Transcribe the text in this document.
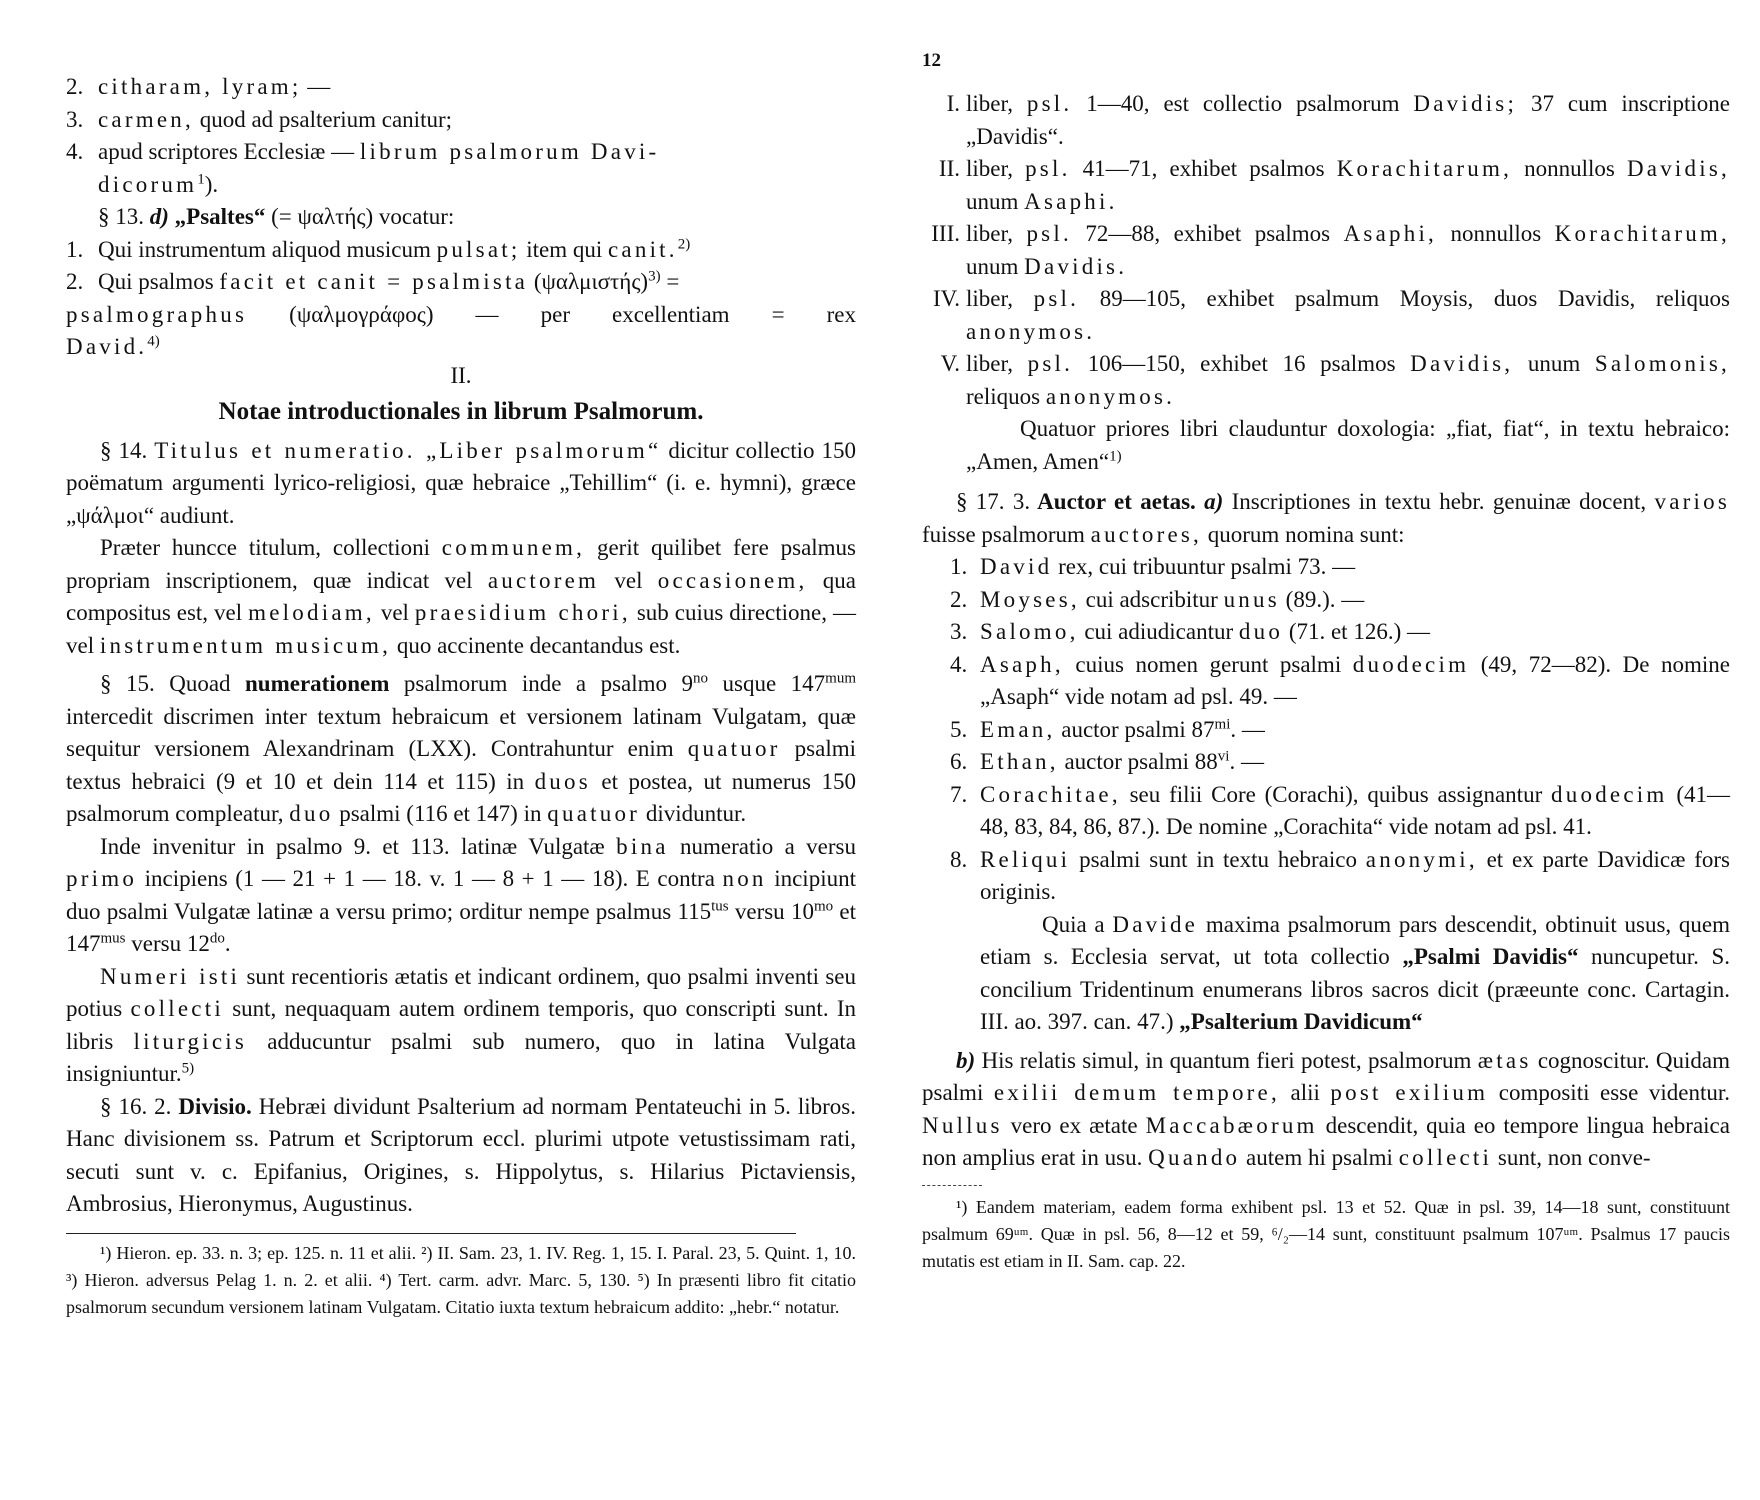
2. citharam, lyram; —
3. carmen, quod ad psalterium canitur;
4. apud scriptores Ecclesiæ — librum psalmorum Davi-
dicorum$^1$).

§ 13. d) „Psaltes“ (= ψαλτής) vocatur:

1. Qui instrumentum aliquod musicum pulsat; item qui canit.$^{2)}$
2. Qui psalmos facit et canit = psalmista $(\psi\alpha\lambda\mu\iota\sigma\tau ή\varsigma)^{3)}$ =

psalmographus (ψαλμογράφος) — per excellentiam = rex

David.$^{4)}$

II.

Notae introductionales in librum Psalmorum.

§ 14. Titulus et numeratio. „Liber psalmorum“ dicitur collectio 150 poëmatum argumenti lyrico-religiosi, quæ hebraice „Tehillim“ (i. e. hymni), græce „ψάλμοι“ audiunt.

Præter huncce titulum, collectioni communem, gerit quilibet fere psalmus propriam inscriptionem, quæ indicat vel auctorem vel occasionem, qua compositus est, vel melodiam, vel praesidium chori, sub cuius directione, — vel instrumentum musicum, quo accinente decantandus est.

§ 15. Quoad numerationem psalmorum inde a psalmo $9^{no}$ usque $147^{mum}$ intercedit discrimen inter textum hebraicum et versionem latinam Vulgatam, quæ sequitur versionem Alexandrinam (LXX). Contrahuntur enim quatuor psalmi textus hebraici (9 et 10 et dein 114 et 115) in duos et postea, ut numerus 150 psalmorum compleatur, duo psalmi (116 et 147) in quatuor dividuntur.

Inde invenitur in psalmo 9. et 113. latinæ Vulgatæ bina numeratio a versu primo incipiens (1 — 21 + 1 — 18. v. 1 — 8 + 1 — 18). E contra non incipiunt duo psalmi Vulgatæ latinæ a versu primo; orditur nempe psalmus $115^{tus}$ versu $10^{mo}$ et $147^{mus}$ versu $12^{do}$.

Numeri isti sunt recentioris ætatis et indicant ordinem, quo psalmi inventi seu potius collecti sunt, nequaquam autem ordinem temporis, quo conscripti sunt. In libris liturgicis adducuntur psalmi sub numero, quo in latina Vulgata insigniuntur.$^{5)}$

§ 16. 2. Divisio. Hebræi dividunt Psalterium ad normam Pentateuchi in 5. libros. Hanc divisionem ss. Patrum et Scriptorum eccl. plurimi utpote vetustissimam rati, secuti sunt v. c. Epifanius, Origines, s. Hippolytus, s. Hilarius Pictaviensis, Ambrosius, Hieronymus, Augustinus.

¹) Hieron. ep. 33. n. 3; ep. 125. n. 11 et alii. ²) II. Sam. 23, 1. IV. Reg. 1, 15. I. Paral. 23, 5. Quint. 1, 10. ³) Hieron. adversus Pelag 1. n. 2. et alii. ⁴) Tert. carm. advr. Marc. 5, 130. ⁵) In præsenti libro fit citatio psalmorum secundum versionem latinam Vulgatam. Citatio iuxta textum hebraicum addito: „hebr.“ notatur.

12
I. liber, psl. 1—40, est collectio psalmorum Davidis; 37 cum inscriptione „Davidis“.
II. liber, psl. 41—71, exhibet psalmos Korachitarum, nonnullos Davidis, unum Asaphi.
III. liber, psl. 72—88, exhibet psalmos Asaphi, nonnullos Korachitarum, unum Davidis.
IV. liber, psl. 89—105, exhibet psalmum Moysis, duos Davidis, reliquos anonymos.
V. liber, psl. 106—150, exhibet 16 psalmos Davidis, unum Salomonis, reliquos anonymos.

Quatuor priores libri clauduntur doxologia: „fiat, fiat“, in textu hebraico: „Amen, Amen“$^{1)}$

§ 17. 3. Auctor et aetas. a) Inscriptiones in textu hebr. genuinæ docent, varios fuisse psalmorum auctores, quorum nomina sunt:

1. David rex, cui tribuuntur psalmi 73. —
2. Moyses, cui adscribitur unus (89.). —
3. Salomo, cui adiudicantur duo (71. et 126.) —
4. Asaph, cuius nomen gerunt psalmi duodecim (49, 72—82). De nomine „Asaph“ vide notam ad psl. 49. —
5. Eman, auctor psalmi $87^{mi}$. —
6. Ethan, auctor psalmi 88$^{vi}$. —
7. Corachitae, seu filii Core (Corachi), quibus assignantur duodecim (41—48, 83, 84, 86, 87.). De nomine „Corachita“ vide notam ad psl. 41.
8. Reliqui psalmi sunt in textu hebraico anonymi, et ex parte Davidicæ fors originis.

Quia a Davide maxima psalmorum pars descendit, obtinuit usus, quem etiam s. Ecclesia servat, ut tota collectio „Psalmi Davidis“ nuncupetur. S. concilium Tridentinum enumerans libros sacros dicit (præeunte conc. Cartagin. III. ao. 397. can. 47.) „Psalterium Davidicum“

b) His relatis simul, in quantum fieri potest, psalmorum ætas cognoscitur. Quidam psalmi exilii demum tempore, alii post exilium compositi esse videntur. Nullus vero ex ætate Maccabæorum descendit, quia eo tempore lingua hebraica non amplius erat in usu. Quando autem hi psalmi collecti sunt, non conve-

¹) Eandem materiam, eadem forma exhibent psl. 13 et 52. Quæ in psl. 39, 14—18 sunt, constituunt psalmum 69ᵘᵐ. Quæ in psl. 56, 8—12 et 59, ⁶/₂—14 sunt, constituunt psalmum 107ᵘᵐ. Psalmus 17 paucis mutatis est etiam in II. Sam. cap. 22.
